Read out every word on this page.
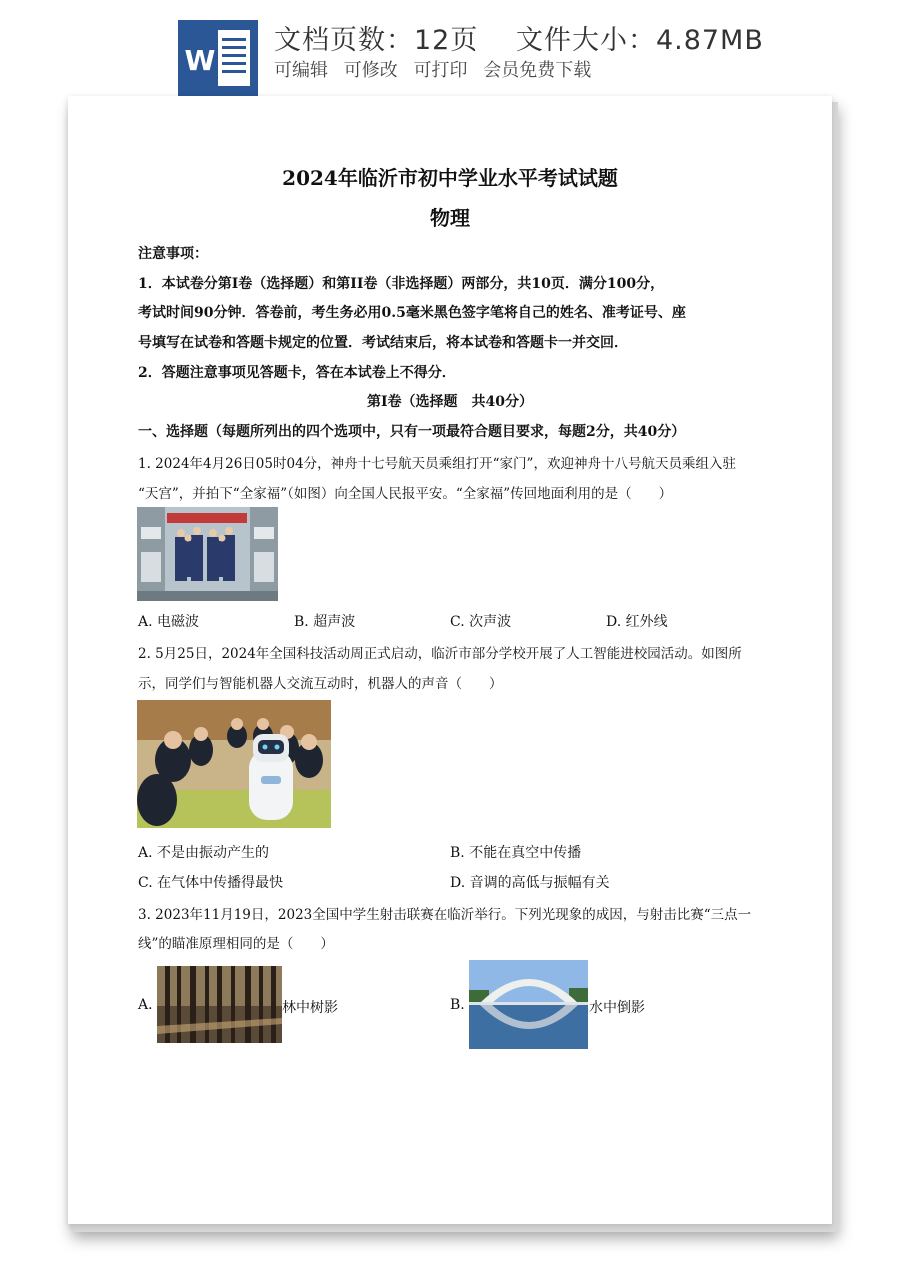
W
文档页数：12页　 文件大小：4.87MB
可编辑 可修改 可打印 会员免费下载
2024年临沂市初中学业水平考试试题
物理
注意事项：
1．本试卷分第I卷（选择题）和第II卷（非选择题）两部分，共10页．满分100分，
考试时间90分钟．答卷前，考生务必用0.5毫米黑色签字笔将自己的姓名、准考证号、座
号填写在试卷和答题卡规定的位置．考试结束后，将本试卷和答题卡一并交回．
2．答题注意事项见答题卡，答在本试卷上不得分．
第I卷（选择题　共40分）
一、选择题（每题所列出的四个选项中，只有一项最符合题目要求，每题2分，共40分）
1. 2024年4月26日05时04分，神舟十七号航天员乘组打开“家门”，欢迎神舟十八号航天员乘组入驻
“天宫”，并拍下“全家福”（如图）向全国人民报平安。“全家福”传回地面利用的是（　　）
A. 电磁波	B. 超声波	C. 次声波	D. 红外线
2. 5月25日，2024年全国科技活动周正式启动，临沂市部分学校开展了人工智能进校园活动。如图所
示，同学们与智能机器人交流互动时，机器人的声音（　　）
A. 不是由振动产生的	B. 不能在真空中传播
C. 在气体中传播得最快	D. 音调的高低与振幅有关
3. 2023年11月19日，2023全国中学生射击联赛在临沂举行。下列光现象的成因，与射击比赛“三点一
线”的瞄准原理相同的是（　　）
A.	林中树影	B.	水中倒影
